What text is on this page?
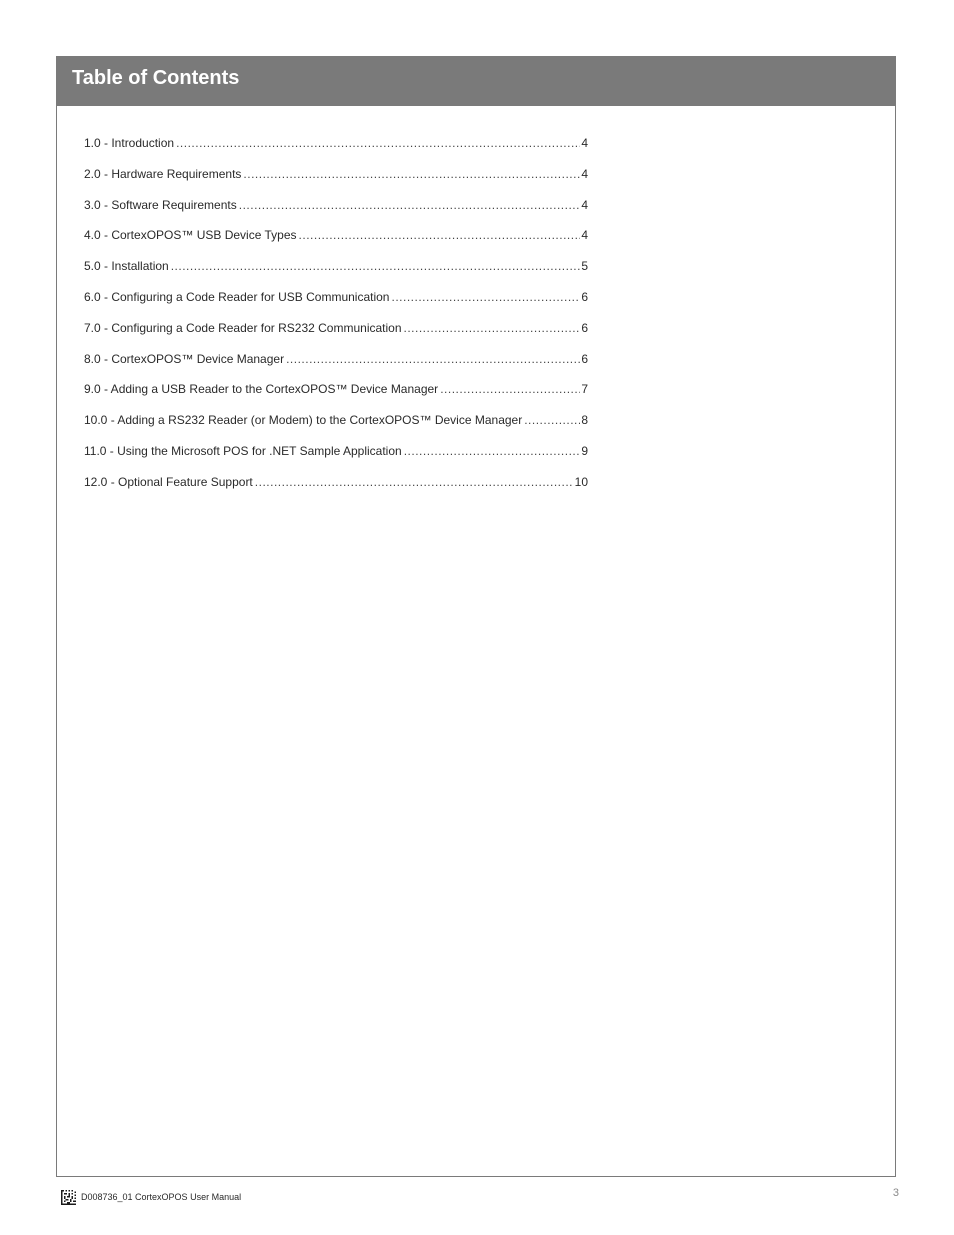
Table of Contents
1.0 - Introduction .....	4
2.0 - Hardware Requirements .....	4
3.0 - Software Requirements .....	4
4.0 - CortexOPOS™ USB Device Types .....	4
5.0 - Installation .....	5
6.0 - Configuring a Code Reader for USB Communication .....	6
7.0 - Configuring a Code Reader for RS232 Communication .....	6
8.0 - CortexOPOS™ Device Manager .....	6
9.0 - Adding a USB Reader to the CortexOPOS™ Device Manager .....	7
10.0 - Adding a RS232 Reader (or Modem) to the CortexOPOS™ Device Manager .....	8
11.0 - Using the Microsoft POS for .NET Sample Application .....	9
12.0 - Optional Feature Support .....	10
D008736_01 CortexOPOS User Manual	3
